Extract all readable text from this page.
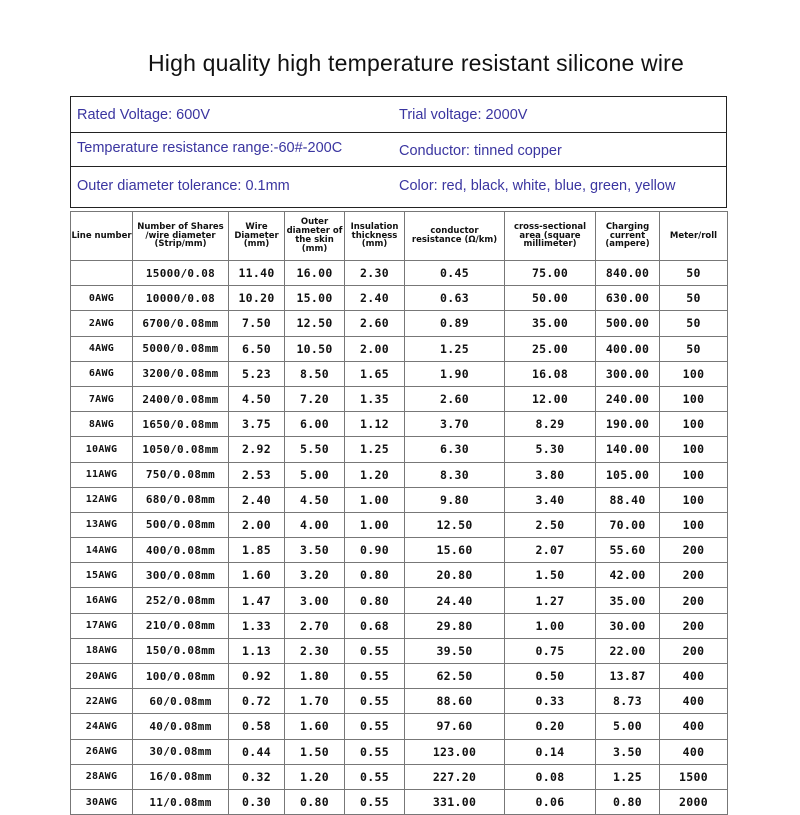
High quality high temperature resistant silicone wire
Rated Voltage: 600V	Trial voltage: 2000V
Temperature resistance range:-60#-200C	Conductor: tinned copper
Outer diameter tolerance: 0.1mm	Color: red, black, white, blue, green, yellow
Line number	Number of Shares /wire diameter (Strip/mm)	Wire Diameter (mm)	Outer diameter of the skin (mm)	Insulation thickness (mm)	conductor resistance (Ω/km)	cross-sectional area (square millimeter)	Charging current (ampere)	Meter/roll
	15000/0.08	11.40	16.00	2.30	0.45	75.00	840.00	50
0AWG	10000/0.08	10.20	15.00	2.40	0.63	50.00	630.00	50
2AWG	6700/0.08mm	7.50	12.50	2.60	0.89	35.00	500.00	50
4AWG	5000/0.08mm	6.50	10.50	2.00	1.25	25.00	400.00	50
6AWG	3200/0.08mm	5.23	8.50	1.65	1.90	16.08	300.00	100
7AWG	2400/0.08mm	4.50	7.20	1.35	2.60	12.00	240.00	100
8AWG	1650/0.08mm	3.75	6.00	1.12	3.70	8.29	190.00	100
10AWG	1050/0.08mm	2.92	5.50	1.25	6.30	5.30	140.00	100
11AWG	750/0.08mm	2.53	5.00	1.20	8.30	3.80	105.00	100
12AWG	680/0.08mm	2.40	4.50	1.00	9.80	3.40	88.40	100
13AWG	500/0.08mm	2.00	4.00	1.00	12.50	2.50	70.00	100
14AWG	400/0.08mm	1.85	3.50	0.90	15.60	2.07	55.60	200
15AWG	300/0.08mm	1.60	3.20	0.80	20.80	1.50	42.00	200
16AWG	252/0.08mm	1.47	3.00	0.80	24.40	1.27	35.00	200
17AWG	210/0.08mm	1.33	2.70	0.68	29.80	1.00	30.00	200
18AWG	150/0.08mm	1.13	2.30	0.55	39.50	0.75	22.00	200
20AWG	100/0.08mm	0.92	1.80	0.55	62.50	0.50	13.87	400
22AWG	60/0.08mm	0.72	1.70	0.55	88.60	0.33	8.73	400
24AWG	40/0.08mm	0.58	1.60	0.55	97.60	0.20	5.00	400
26AWG	30/0.08mm	0.44	1.50	0.55	123.00	0.14	3.50	400
28AWG	16/0.08mm	0.32	1.20	0.55	227.20	0.08	1.25	1500
30AWG	11/0.08mm	0.30	0.80	0.55	331.00	0.06	0.80	2000
